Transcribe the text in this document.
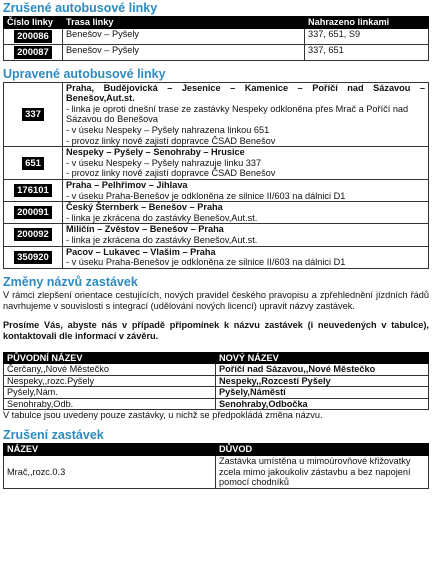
Zrušené autobusové linky
Číslo linky	Trasa linky	Nahrazeno linkami
200086	Benešov – Pyšely	337, 651, S9
200087	Benešov – Pyšely	337, 651
Upravené autobusové linky
337	Praha, Budějovická – Jesenice – Kamenice – Poříčí nad Sázavou – Benešov,Aut.st.
- linka je oproti dnešní trase ze zastávky Nespeky odkloněna přes Mrač a Poříčí nad Sázavou do Benešova
- v úseku Nespeky – Pyšely nahrazena linkou 651
- provoz linky nově zajistí dopravce ČSAD Benešov

651	Nespeky – Pyšely – Senohraby – Hrusice
- v úseku Nespeky – Pyšely nahrazuje linku 337
- provoz linky nově zajistí dopravce ČSAD Benešov

176101	Praha – Pelhřimov – Jihlava
- v úseku Praha-Benešov je odkloněna ze silnice II/603 na dálnici D1

200091	Český Šternberk – Benešov – Praha
- linka je zkrácena do zastávky Benešov,Aut.st.

200092	Miličín – Zvěstov – Benešov – Praha
- linka je zkrácena do zastávky Benešov,Aut.st.

350920	Pacov – Lukavec – Vlašim – Praha
- v úseku Praha-Benešov je odkloněna ze silnice II/603 na dálnici D1
Změny názvů zastávek

V rámci zlepšení orientace cestujících, nových pravidel českého pravopisu a zpřehlednění jízdních řádů navrhujeme v souvislosti s integrací (udělování nových licencí) upravit názvy zastávek.

Prosíme Vás, abyste nás v případě připomínek k názvu zastávek (i neuvedených v tabulce), kontaktovali dle informací v závěru.

PŮVODNÍ NÁZEV	NOVÝ NÁZEV
Čerčany,,Nové Městečko	Poříčí nad Sázavou,,Nové Městečko
Nespeky,,rozc.Pyšely	Nespeky,,Rozcestí Pyšely
Pyšely,Nám.	Pyšely,Náměstí
Senohraby,Odb.	Senohraby,Odbočka

V tabulce jsou uvedeny pouze zastávky, u nichž se předpokládá změna názvu.

Zrušení zastávek
NÁZEV	DŮVOD
Mrač,,rozc.0.3	Zastávka umístěna u mimoúrovňové křižovatky zcela mimo jakoukoliv zástavbu a bez napojení pomocí chodníků
